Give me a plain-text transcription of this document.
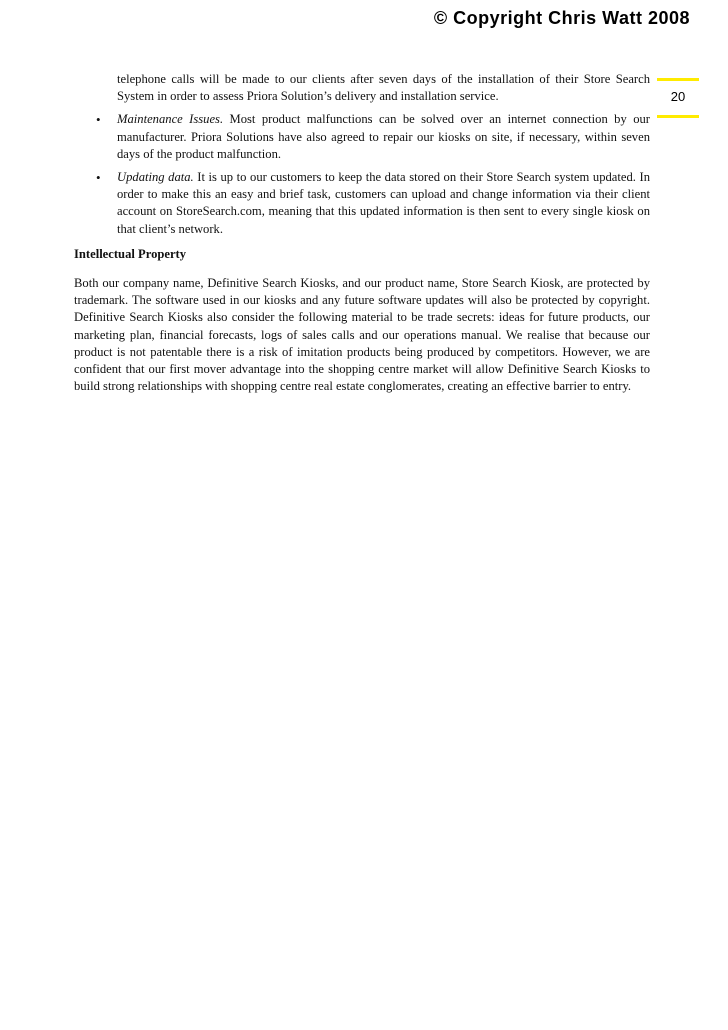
© Copyright Chris Watt 2008
20

telephone calls will be made to our clients after seven days of the installation of their Store Search System in order to assess Priora Solution’s delivery and installation service.

• Maintenance Issues. Most product malfunctions can be solved over an internet connection by our manufacturer. Priora Solutions have also agreed to repair our kiosks on site, if necessary, within seven days of the product malfunction.
• Updating data. It is up to our customers to keep the data stored on their Store Search system updated. In order to make this an easy and brief task, customers can upload and change information via their client account on StoreSearch.com, meaning that this updated information is then sent to every single kiosk on that client’s network.
Intellectual Property

Both our company name, Definitive Search Kiosks, and our product name, Store Search Kiosk, are protected by trademark. The software used in our kiosks and any future software updates will also be protected by copyright. Definitive Search Kiosks also consider the following material to be trade secrets: ideas for future products, our marketing plan, financial forecasts, logs of sales calls and our operations manual. We realise that because our product is not patentable there is a risk of imitation products being produced by competitors. However, we are confident that our first mover advantage into the shopping centre market will allow Definitive Search Kiosks to build strong relationships with shopping centre real estate conglomerates, creating an effective barrier to entry.
